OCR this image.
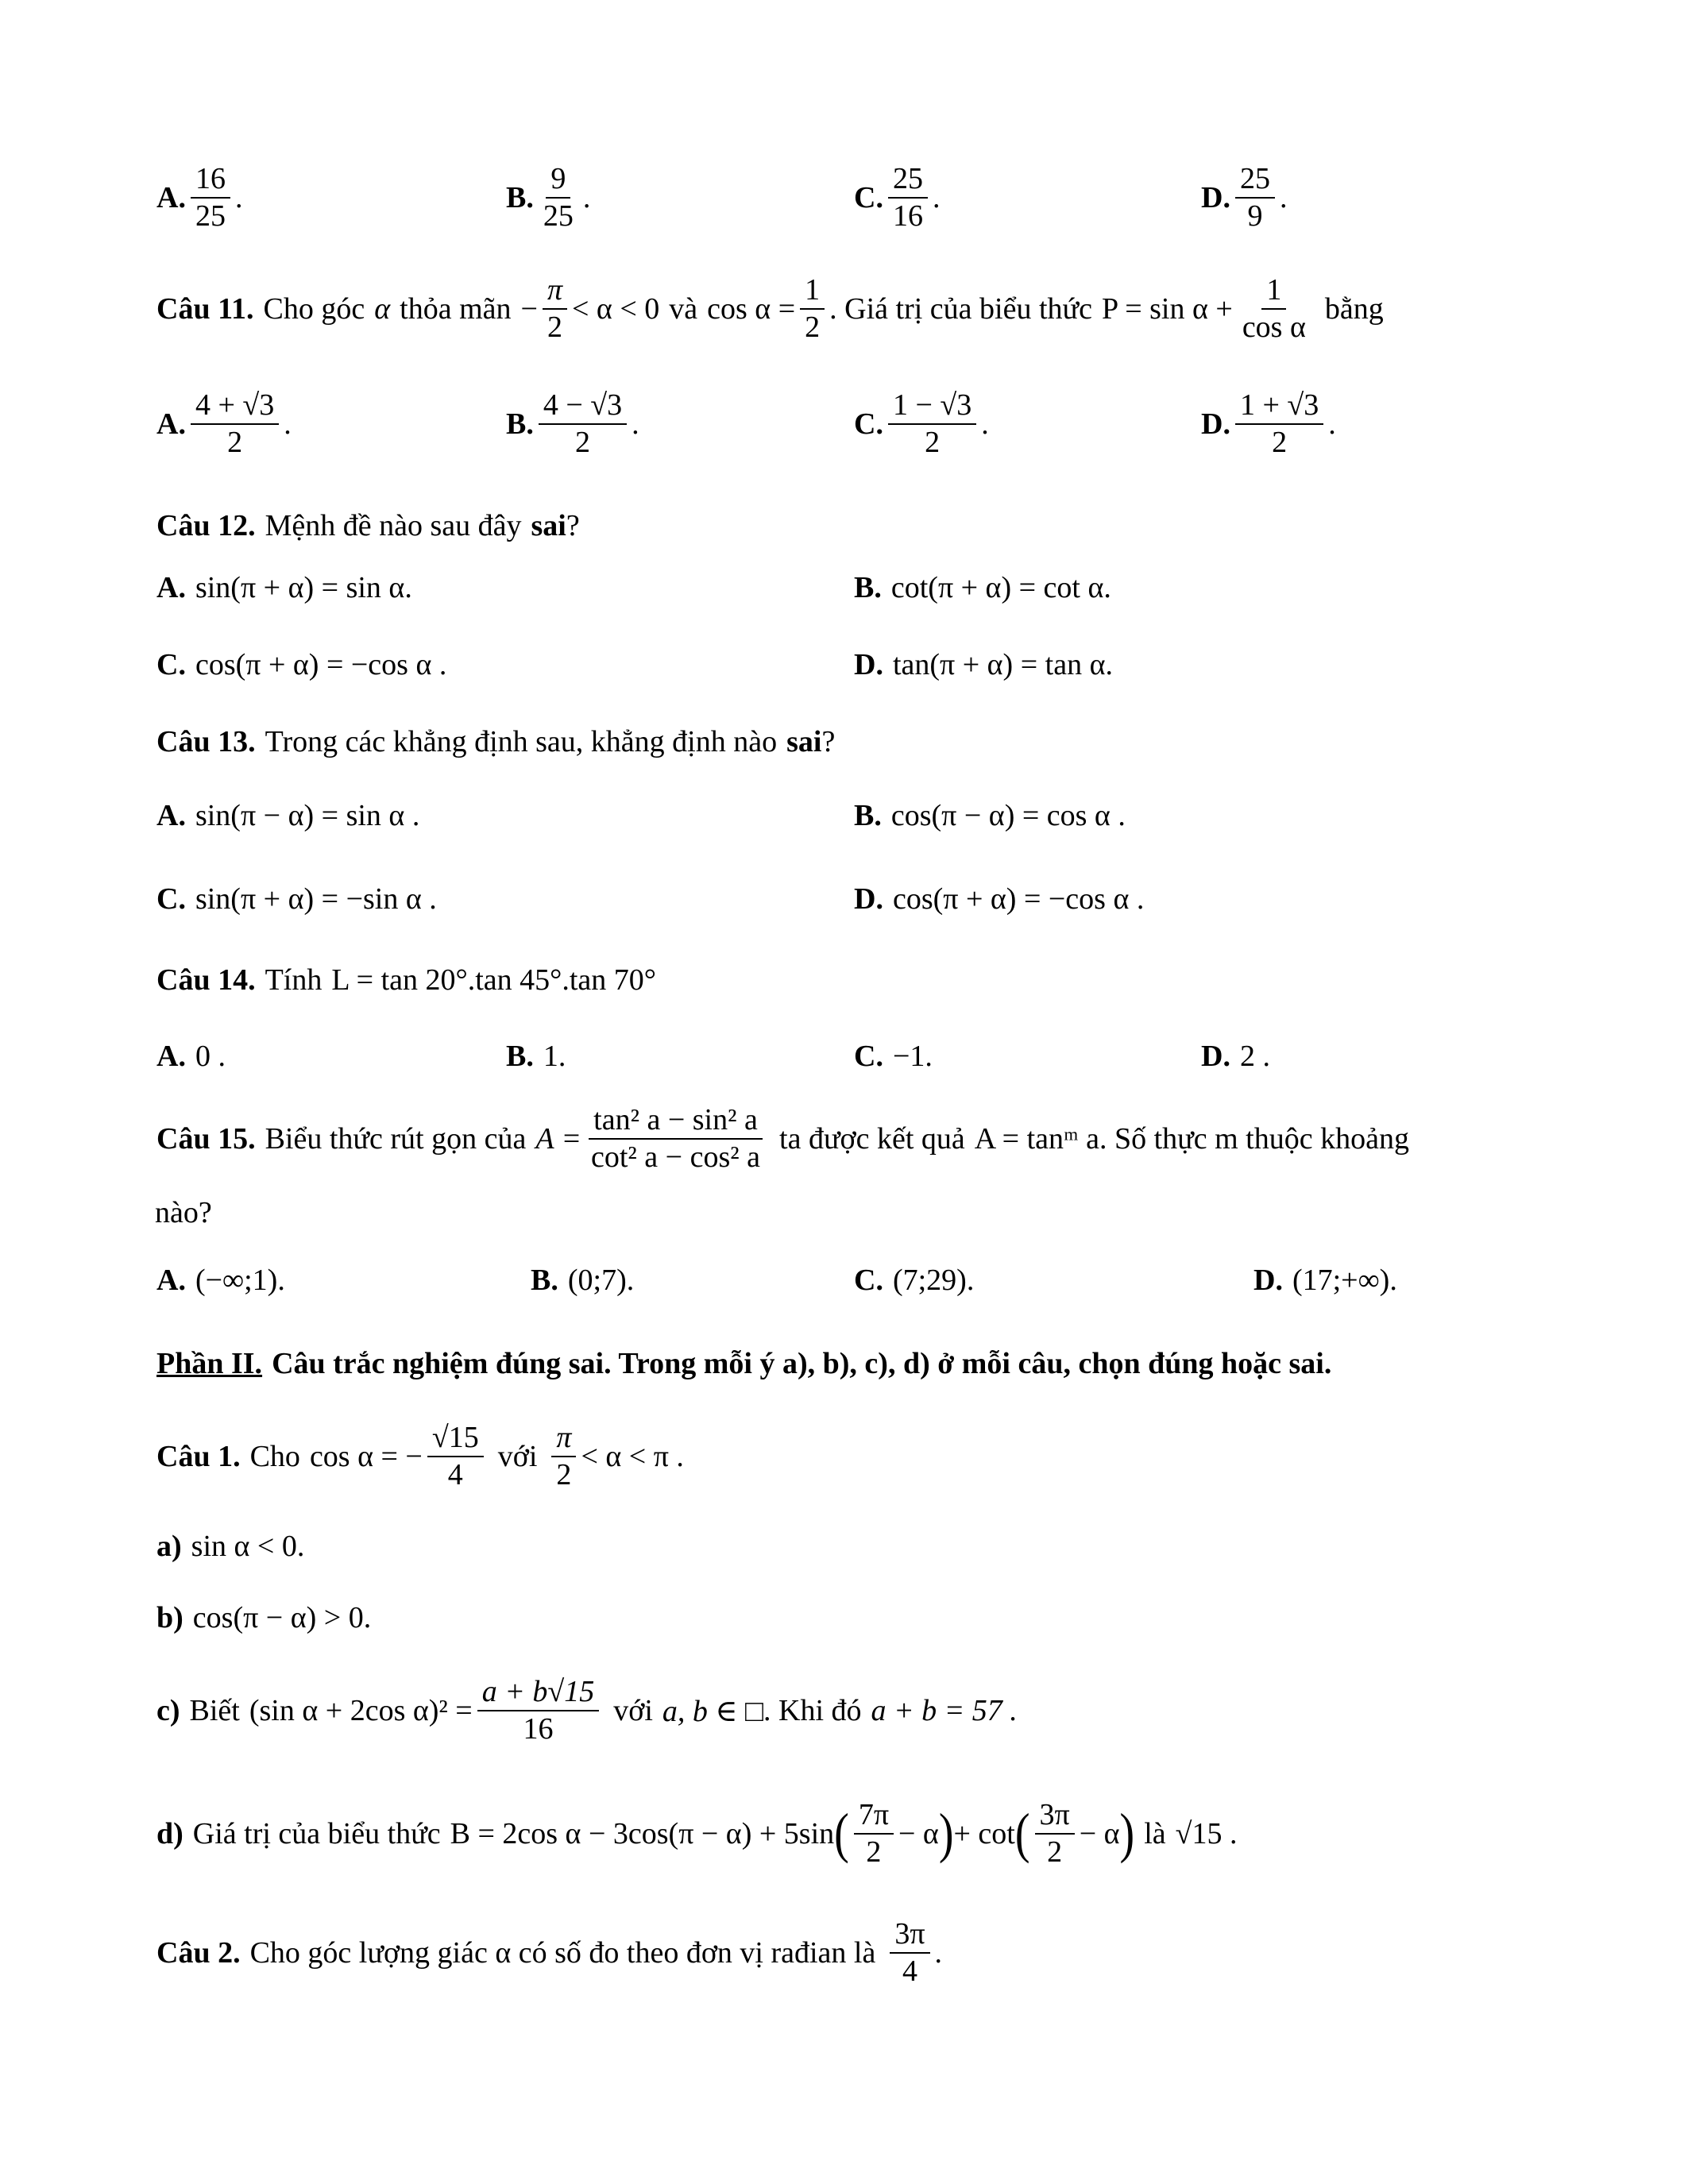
A. $\frac{16}{25}$ .	B. $\frac{9}{25}$ .	C. $\frac{25}{16}$ .	D. $\frac{25}{9}$ .
Câu 11. Cho góc α thỏa mãn − $\frac{\pi}{2} < \alpha < 0$ và $\cos \alpha = \frac{1}{2}$ . Giá trị của biểu thức $P = \sin \alpha + \frac{1}{\text{cos α}}$ bằng
A. $\frac{4 + √3}{2}$ .	B. $\frac{4 - √3}{2}$ .	C. $\frac{1 - √3}{2}$ .	D. $\frac{1 + √3}{2}$ .
Câu 12. Mệnh đề nào sau đây sai ?
A. sin(π + α) = sin α.	B. cot(π + α) = cot α.
C. cos(π + α) = −cos α .	D. tan(π + α) = tan α.
Câu 13. Trong các khẳng định sau, khẳng định nào sai ?
A. sin(π − α) = sin α .	B. cos(π − α) = cos α .
C. sin(π + α) = −sin α .	D. cos(π + α) = −cos α .
Câu 14. Tính L = tan 20°.tan 45°.tan 70°
A. 0 .	B. 1.	C. −1.	D. 2 .
Câu 15. Biểu thức rút gọn của $A = \frac{\text{tan² a − sin² a}}{\text{cot² a − cos² a}}$ ta được kết quả A = tanᵐ a . Số thực m thuộc khoảng
nào?
A. (−∞;1).	B. (0;7).	C. (7;29).	D. (17;+∞).
Phần II. Câu trắc nghiệm đúng sai. Trong mỗi ý a), b), c), d) ở mỗi câu, chọn đúng hoặc sai.
Câu 1. Cho cos α = − $\frac{√15}{4}$ với $\frac{\pi}{2} < \alpha < \pi$ .
a) sin α < 0.
b) cos(π − α) > 0.
c) Biết (sin α + 2cos $\alpha)^2 = \frac{a + b√15}{16}$ với a, b ∈ □ . Khi đó a + b = 57 .
d) Giá trị của biểu thức B = 2cos α − 3cos(π − α) + 5sin ( $\frac{7\pi}{2} - \alpha$ ) + cot ( $\frac{3\pi}{2} - \alpha$ ) là √15 .
Câu 2. Cho góc lượng giác α có số đo theo đơn vị rađian là $\frac{3\pi}{4}$ .
